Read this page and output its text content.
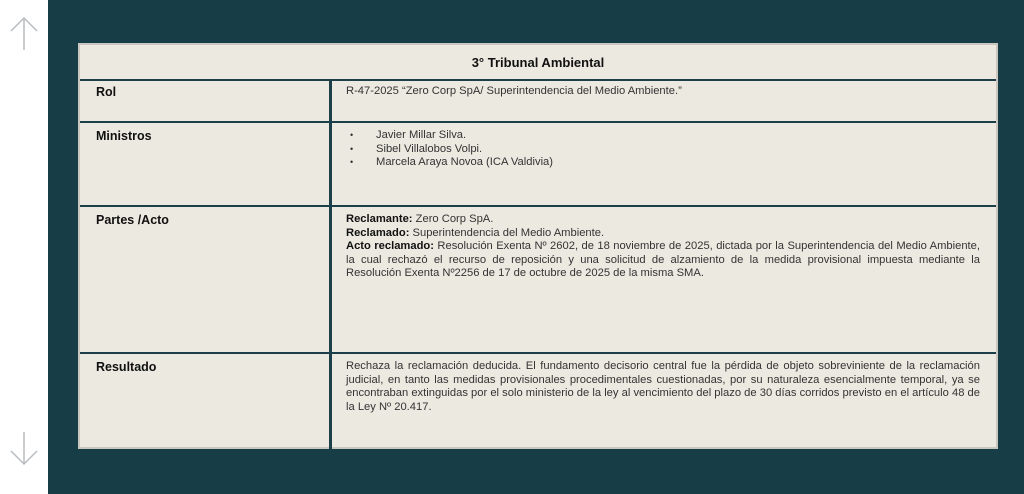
3° Tribunal Ambiental
Rol	R-47-2025 “Zero Corp SpA/ Superintendencia del Medio Ambiente.”
Ministros
•	Javier Millar Silva.
• Sibel Villalobos Volpi.
• Marcela Araya Novoa (ICA Valdivia)
Partes /Acto	Reclamante: Zero Corp SpA.

Reclamado: Superintendencia del Medio Ambiente.

Acto reclamado: Resolución Exenta Nº 2602, de 18 noviembre de 2025, dictada por la Superintendencia del Medio Ambiente, la cual rechazó el recurso de reposición y una solicitud de alzamiento de la medida provisional impuesta mediante la Resolución Exenta Nº2256 de 17 de octubre de 2025 de la misma SMA.

Resultado	Rechaza la reclamación deducida. El fundamento decisorio central fue la pérdida de objeto sobreviniente de la reclamación judicial, en tanto las medidas provisionales procedimentales cuestionadas, por su naturaleza esencialmente temporal, ya se encontraban extinguidas por el solo ministerio de la ley al vencimiento del plazo de 30 días corridos previsto en el artículo 48 de la Ley Nº 20.417.
